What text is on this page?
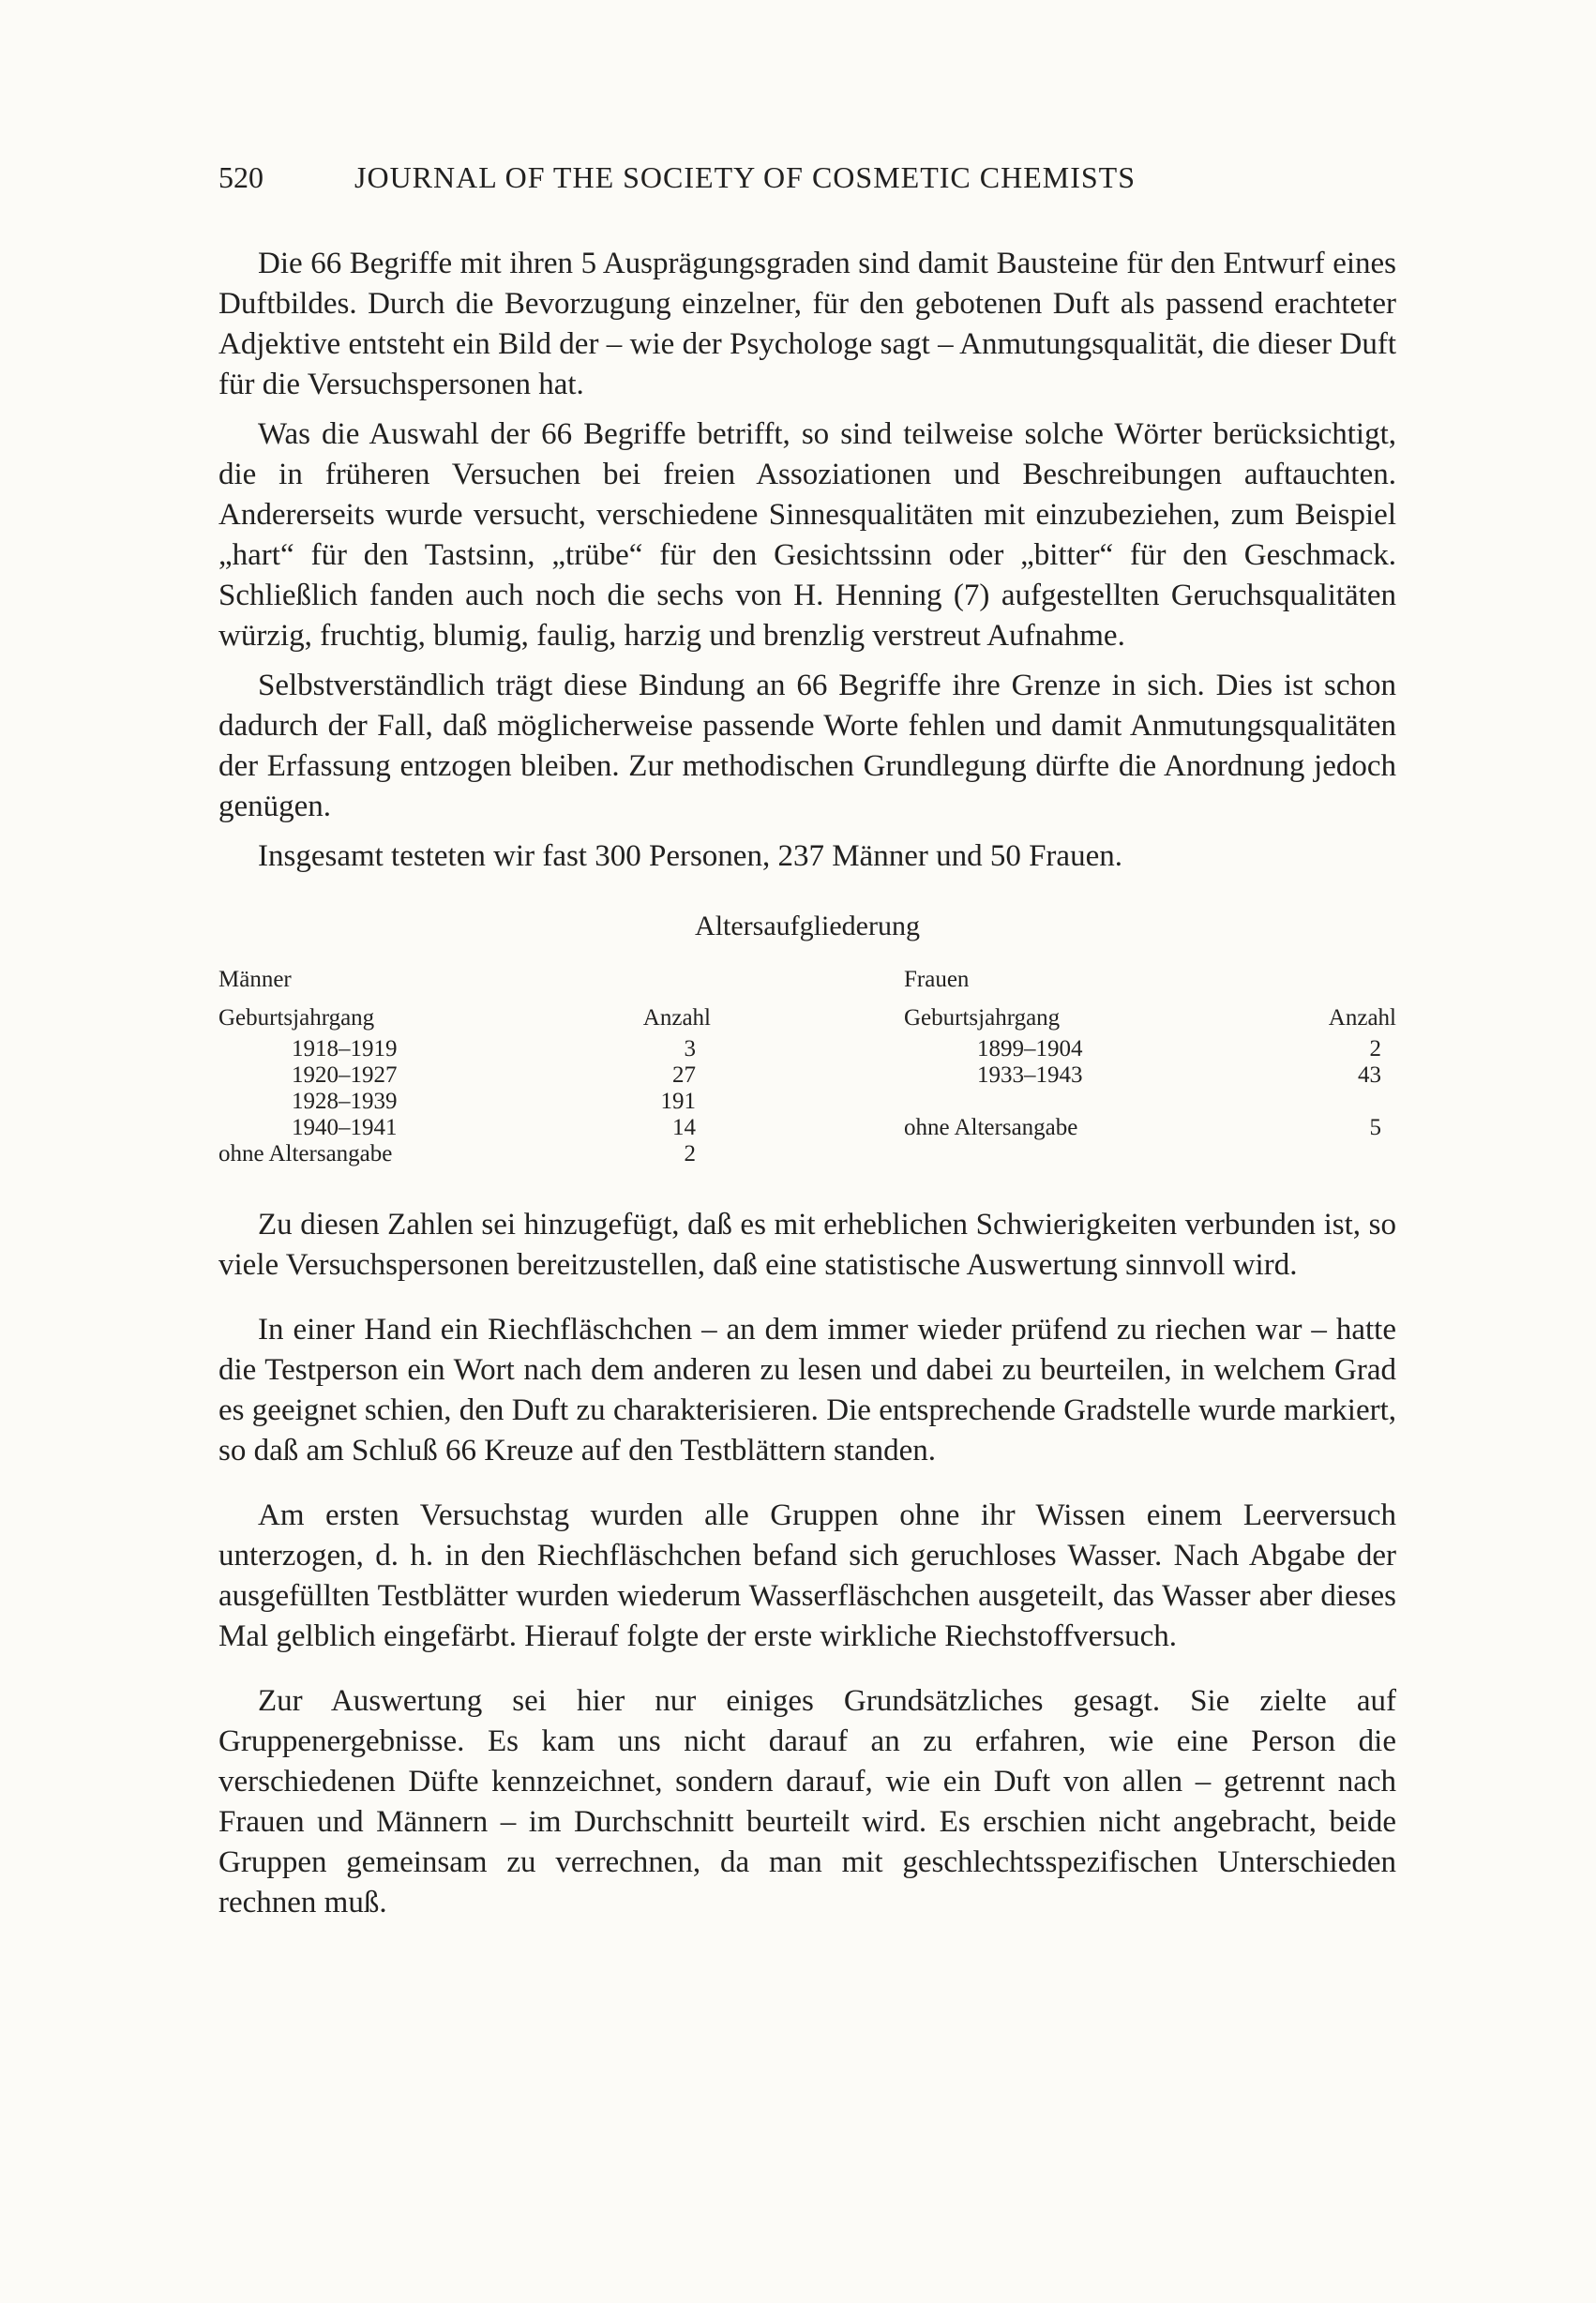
520	JOURNAL OF THE SOCIETY OF COSMETIC CHEMISTS

Die 66 Begriffe mit ihren 5 Ausprägungsgraden sind damit Bausteine für den Entwurf eines Duftbildes. Durch die Bevorzugung einzelner, für den gebotenen Duft als passend erachteter Adjektive entsteht ein Bild der – wie der Psychologe sagt – Anmutungsqualität, die dieser Duft für die Versuchspersonen hat.

Was die Auswahl der 66 Begriffe betrifft, so sind teilweise solche Wörter berücksichtigt, die in früheren Versuchen bei freien Assoziationen und Beschreibungen auftauchten. Andererseits wurde versucht, verschiedene Sinnesqualitäten mit einzubeziehen, zum Beispiel „hart“ für den Tastsinn, „trübe“ für den Gesichtssinn oder „bitter“ für den Geschmack. Schließlich fanden auch noch die sechs von H. Henning (7) aufgestellten Geruchsqualitäten würzig, fruchtig, blumig, faulig, harzig und brenzlig verstreut Aufnahme.

Selbstverständlich trägt diese Bindung an 66 Begriffe ihre Grenze in sich. Dies ist schon dadurch der Fall, daß möglicherweise passende Worte fehlen und damit Anmutungsqualitäten der Erfassung entzogen bleiben. Zur methodischen Grundlegung dürfte die Anordnung jedoch genügen.

Insgesamt testeten wir fast 300 Personen, 237 Männer und 50 Frauen.

Altersaufgliederung
Männer
Geburtsjahrgang	Anzahl
1918–1919	3
1920–1927	27
1928–1939	191
1940–1941	14
ohne Altersangabe	2
Frauen
Geburtsjahrgang	Anzahl
1899–1904	2
1933–1943	43
ohne Altersangabe	5

Zu diesen Zahlen sei hinzugefügt, daß es mit erheblichen Schwierigkeiten verbunden ist, so viele Versuchspersonen bereitzustellen, daß eine statistische Auswertung sinnvoll wird.

In einer Hand ein Riechfläschchen – an dem immer wieder prüfend zu riechen war – hatte die Testperson ein Wort nach dem anderen zu lesen und dabei zu beurteilen, in welchem Grad es geeignet schien, den Duft zu charakterisieren. Die entsprechende Gradstelle wurde markiert, so daß am Schluß 66 Kreuze auf den Testblättern standen.

Am ersten Versuchstag wurden alle Gruppen ohne ihr Wissen einem Leerversuch unterzogen, d. h. in den Riechfläschchen befand sich geruchloses Wasser. Nach Abgabe der ausgefüllten Testblätter wurden wiederum Wasserfläschchen ausgeteilt, das Wasser aber dieses Mal gelblich eingefärbt. Hierauf folgte der erste wirkliche Riechstoffversuch.

Zur Auswertung sei hier nur einiges Grundsätzliches gesagt. Sie zielte auf Gruppenergebnisse. Es kam uns nicht darauf an zu erfahren, wie eine Person die verschiedenen Düfte kennzeichnet, sondern darauf, wie ein Duft von allen – getrennt nach Frauen und Männern – im Durchschnitt beurteilt wird. Es erschien nicht angebracht, beide Gruppen gemeinsam zu verrechnen, da man mit geschlechtsspezifischen Unterschieden rechnen muß.
